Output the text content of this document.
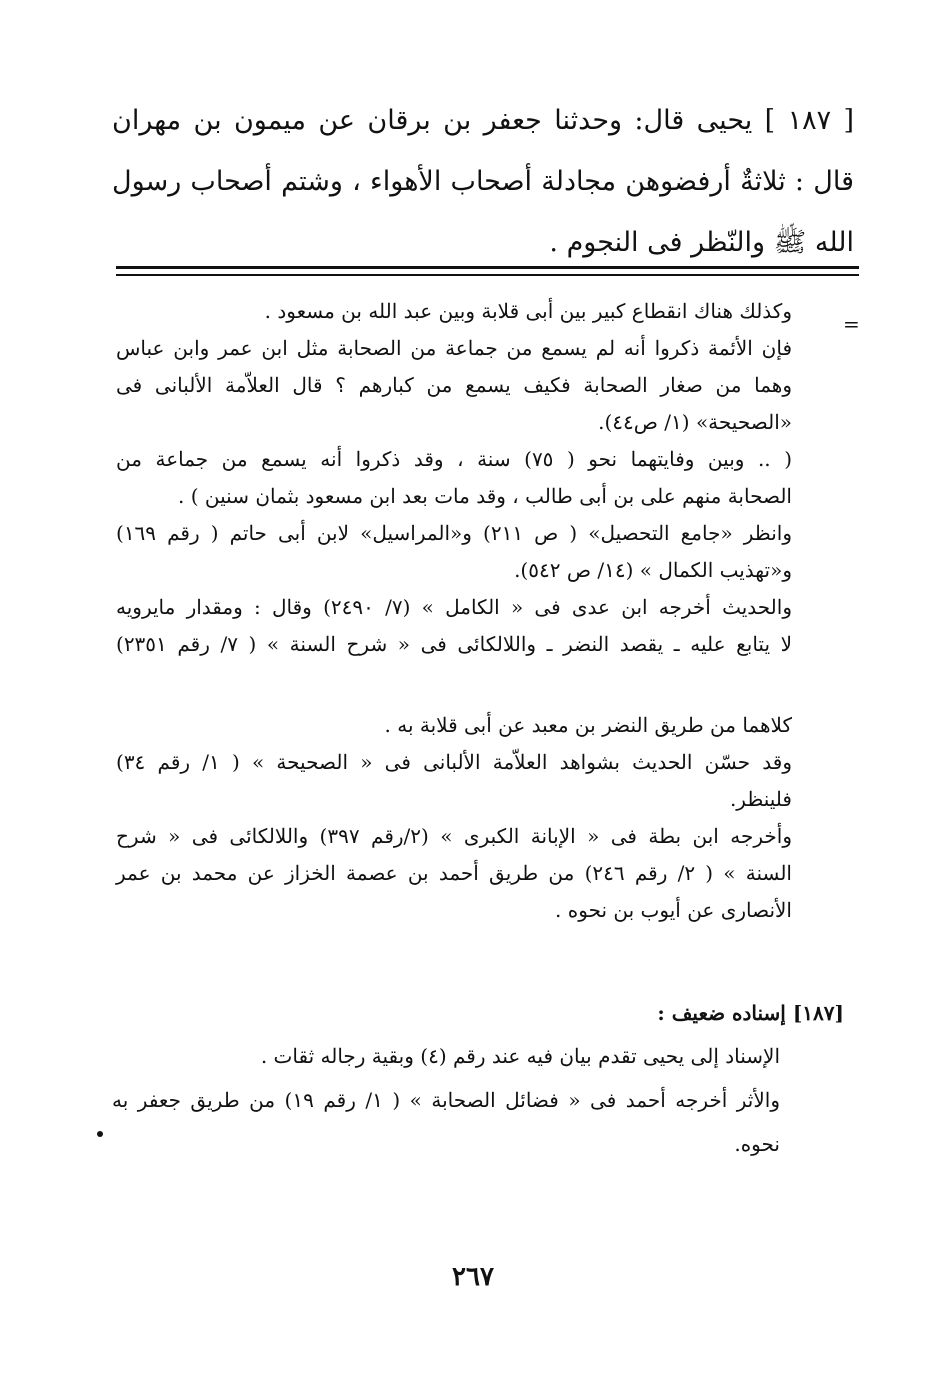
[ ١٨٧ ] يحيى قال: وحدثنا جعفر بن برقان عن ميمون بن مهران
قال : ثلاثةٌ أرفضوهن مجادلة أصحاب الأهواء ، وشتم أصحاب رسول
الله ﷺ والنّظر فى النجوم .
=
وكذلك هناك انقطاع كبير بين أبى قلابة وبين عبد الله بن مسعود .
فإن الأئمة ذكروا أنه لم يسمع من جماعة من الصحابة مثل ابن عمر وابن عباس
وهما من صغار الصحابة فكيف يسمع من كبارهم ؟ قال العلاّمة الألبانى فى
«الصحيحة» (١/ ص٤٤).
( .. وبين وفايتهما نحو ( ٧٥) سنة ، وقد ذكروا أنه يسمع من جماعة من
الصحابة منهم على بن أبى طالب ، وقد مات بعد ابن مسعود بثمان سنين ) .
وانظر «جامع التحصيل» ( ص ٢١١) و«المراسيل» لابن أبى حاتم ( رقم ١٦٩)
و«تهذيب الكمال » (١٤/ ص ٥٤٢).
والحديث أخرجه ابن عدى فى « الكامل » (٧/ ٢٤٩٠) وقال : ومقدار مايرويه
لا يتابع عليه ـ يقصد النضر ـ واللالكائى فى « شرح السنة » ( ٧/ رقم ٢٣٥١)
كلاهما من طريق النضر بن معبد عن أبى قلابة به .
وقد حسّن الحديث بشواهد العلاّمة الألبانى فى « الصحيحة » ( ١/ رقم ٣٤)
فلينظر.
وأخرجه ابن بطة فى « الإبانة الكبرى » (٢/رقم ٣٩٧) واللالكائى فى « شرح
السنة » ( ٢/ رقم ٢٤٦) من طريق أحمد بن عصمة الخزاز عن محمد بن عمر
الأنصارى عن أيوب بن نحوه .
[١٨٧] إسناده ضعيف :
الإسناد إلى يحيى تقدم بيان فيه عند رقم (٤) وبقية رجاله ثقات .
والأثر أخرجه أحمد فى « فضائل الصحابة » ( ١/ رقم ١٩) من طريق جعفر به
نحوه.
٢٦٧
